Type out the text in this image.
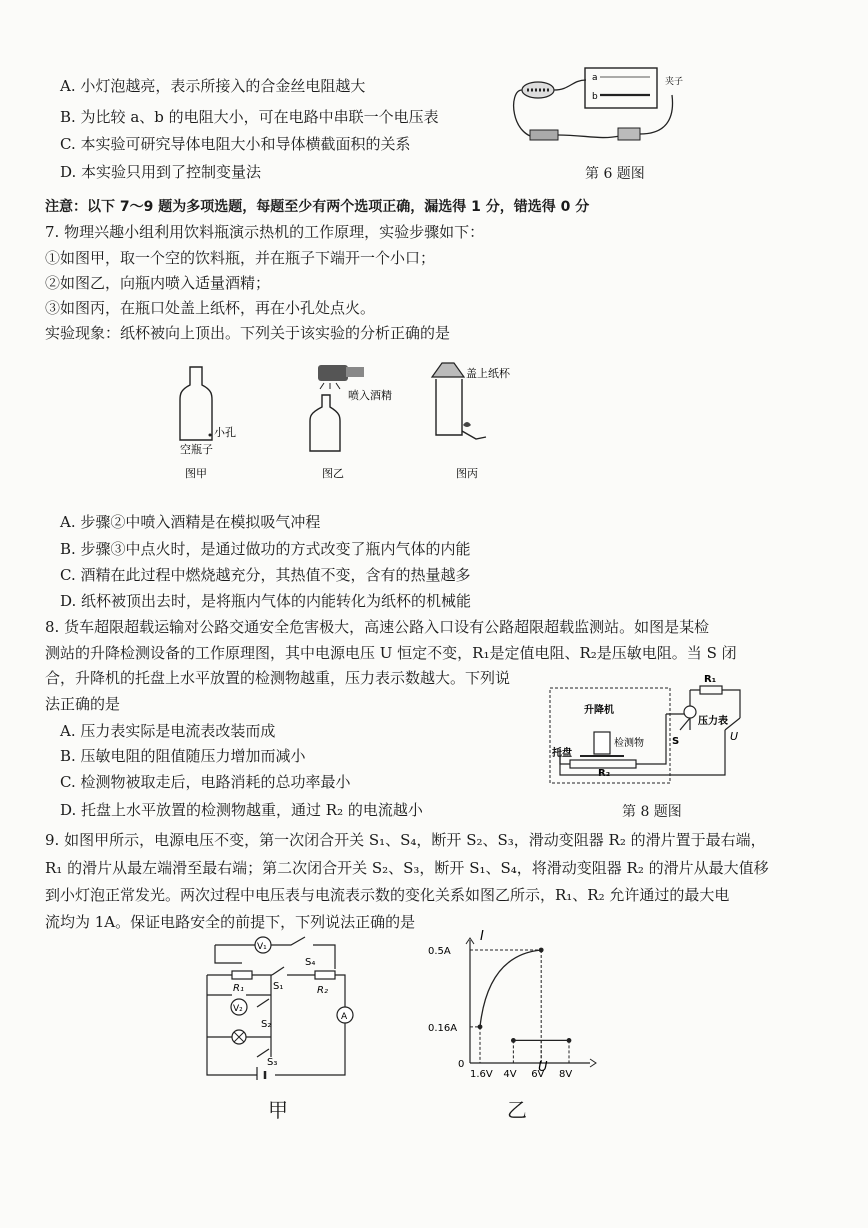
A. 小灯泡越亮，表示所接入的合金丝电阻越大
B. 为比较 a、b 的电阻大小，可在电路中串联一个电压表
C. 本实验可研究导体电阻大小和导体横截面积的关系
D. 本实验只用到了控制变量法
a
b
夹子
第 6 题图
注意：以下 7～9 题为多项选题，每题至少有两个选项正确，漏选得 1 分，错选得 0 分
7. 物理兴趣小组利用饮料瓶演示热机的工作原理，实验步骤如下：
①如图甲，取一个空的饮料瓶，并在瓶子下端开一个小口；
②如图乙，向瓶内喷入适量酒精；
③如图丙，在瓶口处盖上纸杯，再在小孔处点火。
实验现象：纸杯被向上顶出。下列关于该实验的分析正确的是
小孔
空瓶子
图甲
喷入酒精
图乙
盖上纸杯
图丙
A. 步骤②中喷入酒精是在模拟吸气冲程
B. 步骤③中点火时，是通过做功的方式改变了瓶内气体的内能
C. 酒精在此过程中燃烧越充分，其热值不变，含有的热量越多
D. 纸杯被顶出去时，是将瓶内气体的内能转化为纸杯的机械能
8. 货车超限超载运输对公路交通安全危害极大，高速公路入口设有公路超限超载监测站。如图是某检
测站的升降检测设备的工作原理图，其中电源电压 U 恒定不变，R₁是定值电阻、R₂是压敏电阻。当 S 闭
合，升降机的托盘上水平放置的检测物越重，压力表示数越大。下列说
法正确的是
A. 压力表实际是电流表改装而成
B. 压敏电阻的阻值随压力增加而减小
C. 检测物被取走后，电路消耗的总功率最小
D. 托盘上水平放置的检测物越重，通过 R₂ 的电流越小
升降机
检测物
托盘
R₂
R₁
压力表
S	U
第 8 题图
9. 如图甲所示，电源电压不变，第一次闭合开关 S₁、S₄，断开 S₂、S₃，滑动变阻器 R₂ 的滑片置于最右端，
R₁ 的滑片从最左端滑至最右端；第二次闭合开关 S₂、S₃，断开 S₁、S₄，将滑动变阻器 R₂ 的滑片从最大值移
到小灯泡正常发光。两次过程中电压表与电流表示数的变化关系如图乙所示，R₁、R₂ 允许通过的最大电
流均为 1A。保证电路安全的前提下，下列说法正确的是
V₁
R₁	S₁	R₂
S₄
A
V₂
S₂
S₃
甲
0.5A
0.16A
0
1.6V 4V 6V 8V
U
I
乙
